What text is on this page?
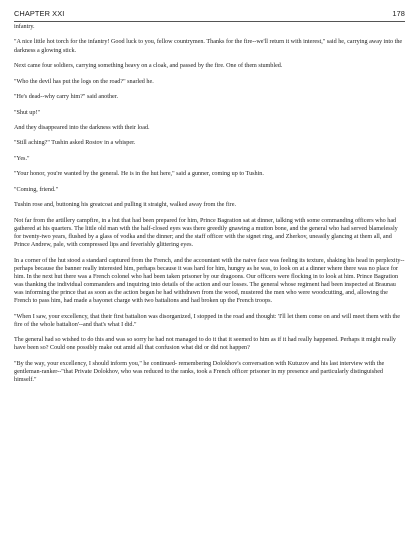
CHAPTER XXI	178

infantry.

"A nice little hot torch for the infantry! Good luck to you, fellow countrymen. Thanks for the fire--we'll return it with interest," said he, carrying away into the darkness a glowing stick.

Next came four soldiers, carrying something heavy on a cloak, and passed by the fire. One of them stumbled.

"Who the devil has put the logs on the road?" snarled he.

"He's dead--why carry him?" said another.

"Shut up!"

And they disappeared into the darkness with their load.

"Still aching?" Tushin asked Rostov in a whisper.

"Yes."

"Your honor, you're wanted by the general. He is in the hut here," said a gunner, coming up to Tushin.

"Coming, friend."

Tushin rose and, buttoning his greatcoat and pulling it straight, walked away from the fire.

Not far from the artillery campfire, in a hut that had been prepared for him, Prince Bagration sat at dinner, talking with some commanding officers who had gathered at his quarters. The little old man with the half-closed eyes was there greedily gnawing a mutton bone, and the general who had served blamelessly for twenty-two years, flushed by a glass of vodka and the dinner; and the staff officer with the signet ring, and Zherkov, uneasily glancing at them all, and Prince Andrew, pale, with compressed lips and feverishly glittering eyes.

In a corner of the hut stood a standard captured from the French, and the accountant with the naive face was feeling its texture, shaking his head in perplexity--perhaps because the banner really interested him, perhaps because it was hard for him, hungry as he was, to look on at a dinner where there was no place for him. In the next hut there was a French colonel who had been taken prisoner by our dragoons. Our officers were flocking in to look at him. Prince Bagration was thanking the individual commanders and inquiring into details of the action and our losses. The general whose regiment had been inspected at Braunau was informing the prince that as soon as the action began he had withdrawn from the wood, mustered the men who were woodcutting, and, allowing the French to pass him, had made a bayonet charge with two battalions and had broken up the French troops.

"When I saw, your excellency, that their first battalion was disorganized, I stopped in the road and thought: 'I'll let them come on and will meet them with the fire of the whole battalion'--and that's what I did."

The general had so wished to do this and was so sorry he had not managed to do it that it seemed to him as if it had really happened. Perhaps it might really have been so? Could one possibly make out amid all that confusion what did or did not happen?

"By the way, your excellency, I should inform you," he continued- remembering Dolokhov's conversation with Kutuzov and his last interview with the gentleman-ranker--"that Private Dolokhov, who was reduced to the ranks, took a French officer prisoner in my presence and particularly distinguished himself."
